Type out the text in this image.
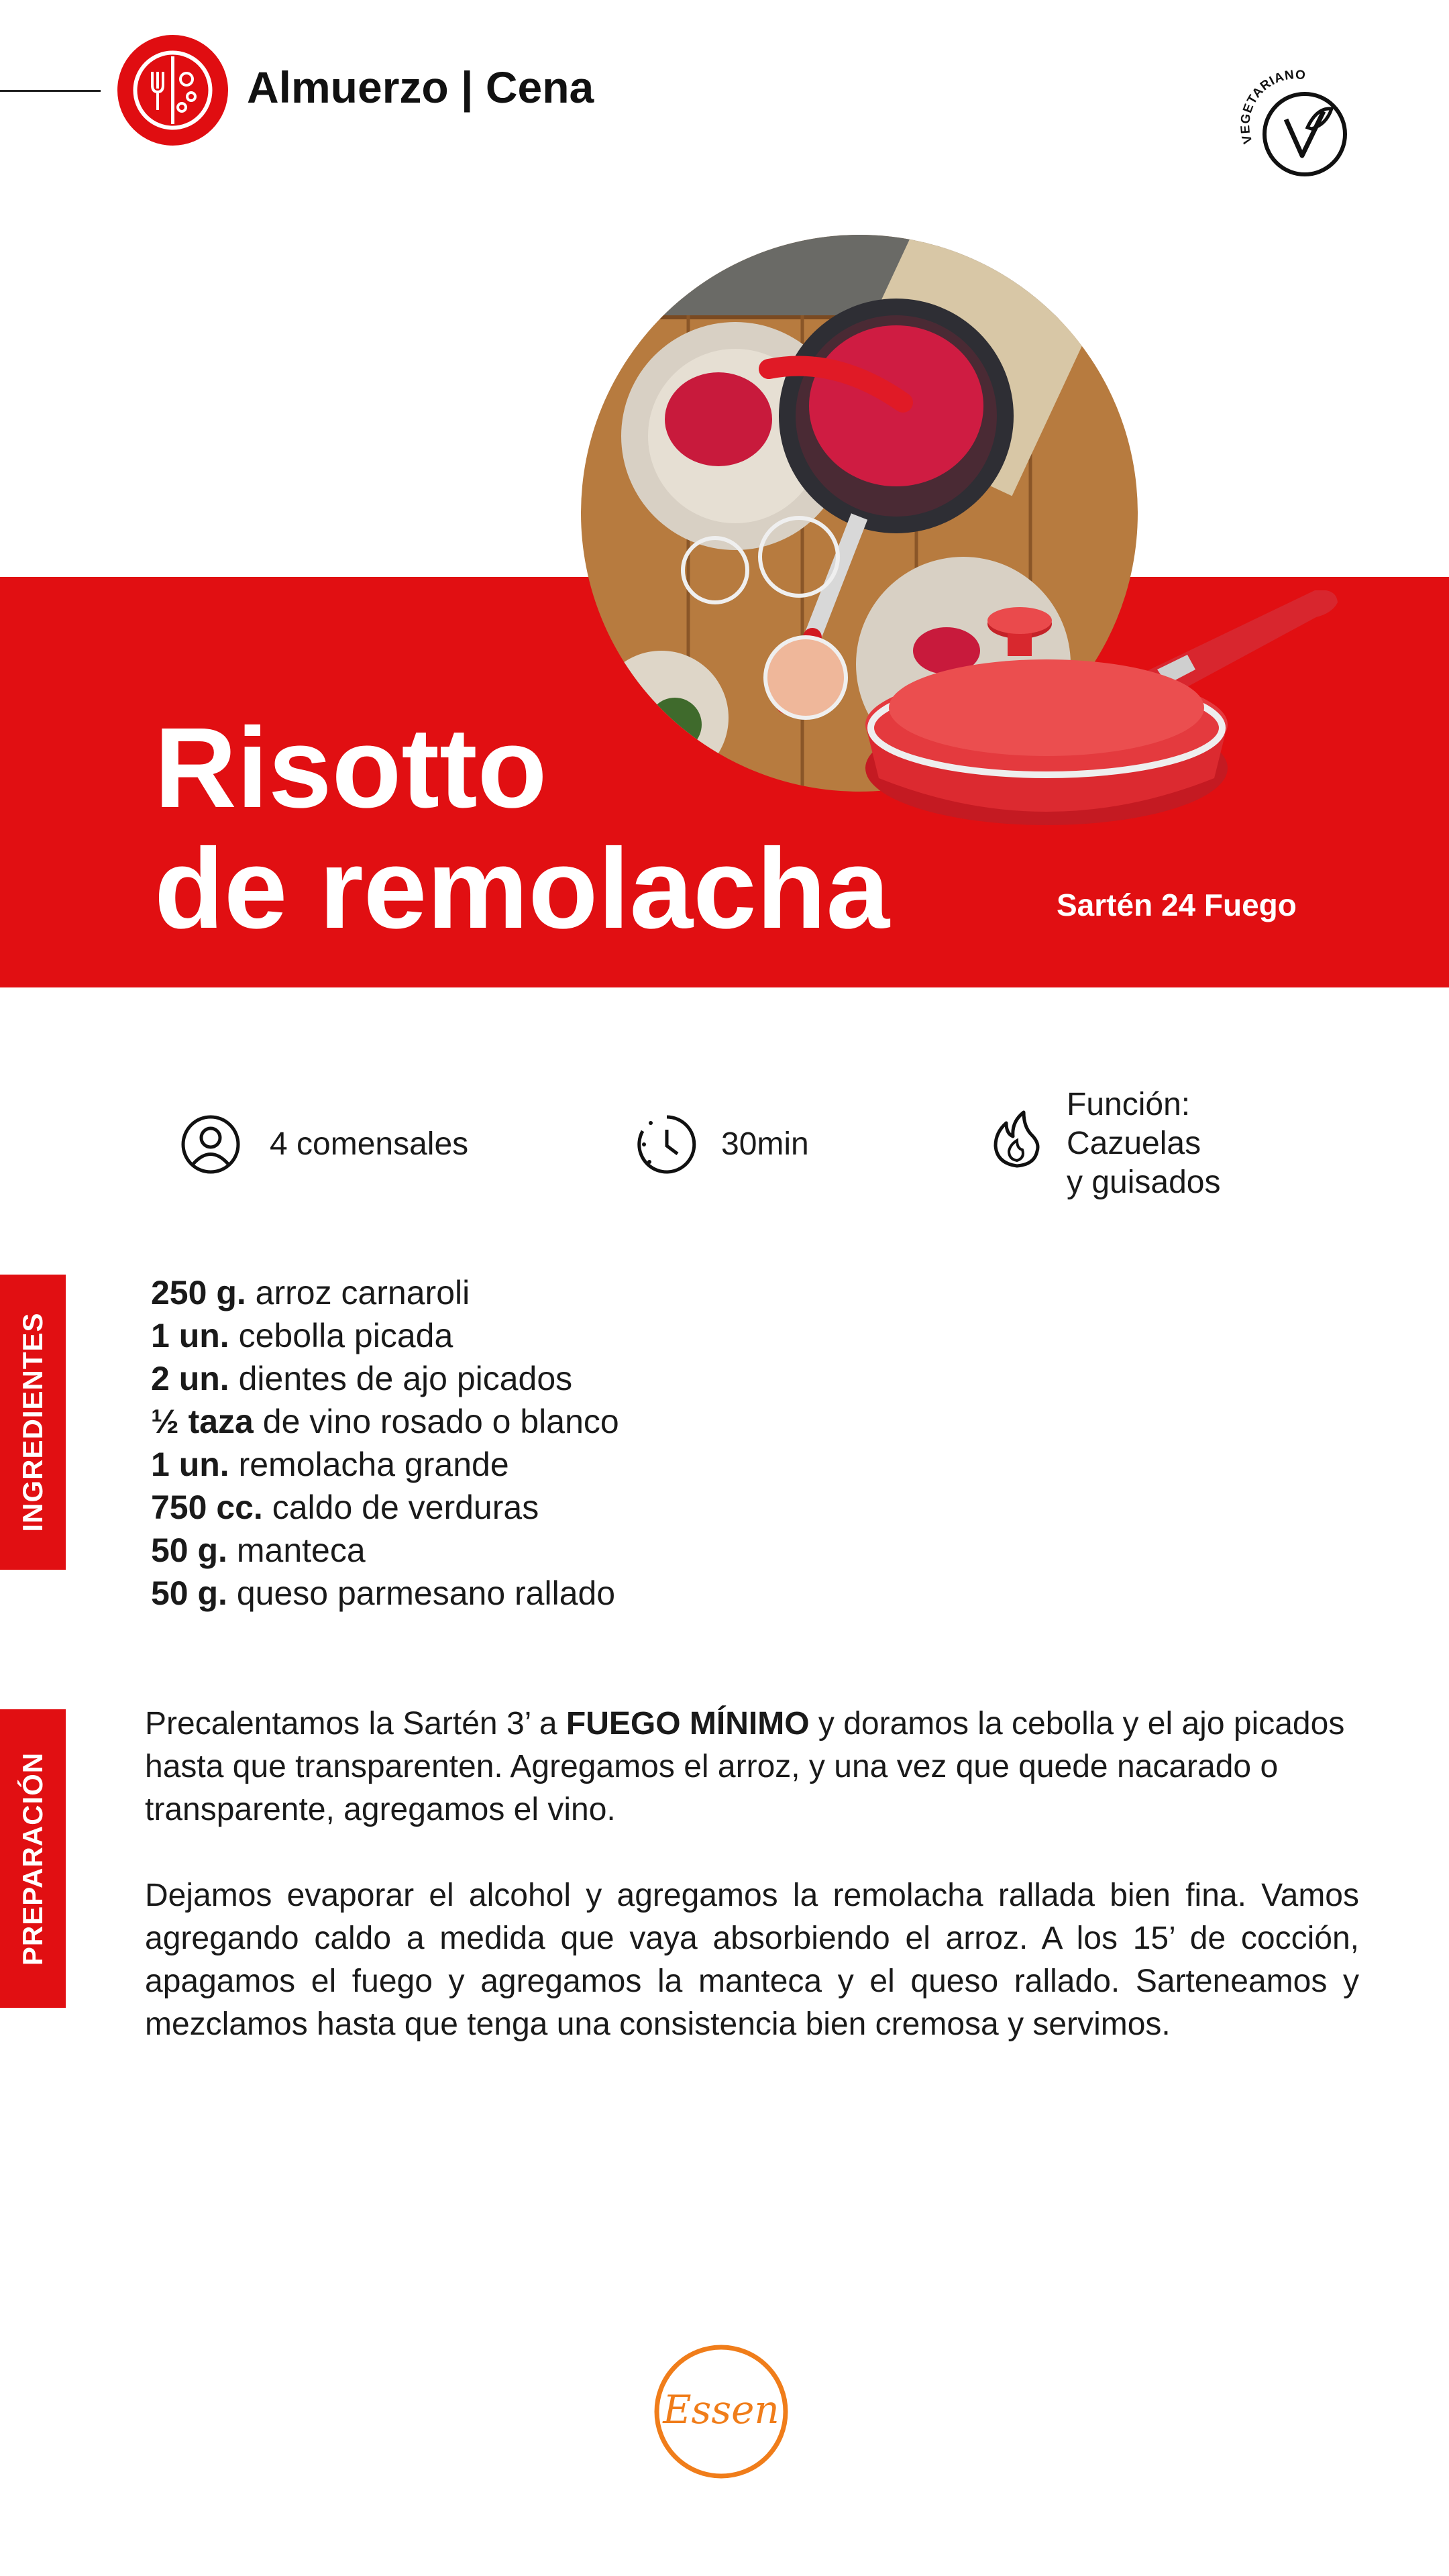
Almuerzo | Cena
VEGETARIANO
Risotto
de remolacha	Sartén 24 Fuego
4 comensales	30min
Función:
Cazuelas
y guisados
INGREDIENTES
250 g. arroz carnaroli
1 un. cebolla picada
2 un. dientes de ajo picados
½ taza de vino rosado o blanco
1 un. remolacha grande
750 cc. caldo de verduras
50 g. manteca
50 g. queso parmesano rallado
PREPARACIÓN

Precalentamos la Sartén 3’ a FUEGO MÍNIMO y doramos la cebolla y el ajo picados hasta que transparenten. Agregamos el arroz, y una vez que quede nacarado o transparente, agregamos el vino.

Dejamos evaporar el alcohol y agregamos la remolacha rallada bien fina. Vamos agregando caldo a medida que vaya absorbiendo el arroz. A los 15’ de cocción, apagamos el fuego y agregamos la manteca y el queso rallado. Sarteneamos y mezclamos hasta que tenga una consistencia bien cremosa y servimos.

Essen
